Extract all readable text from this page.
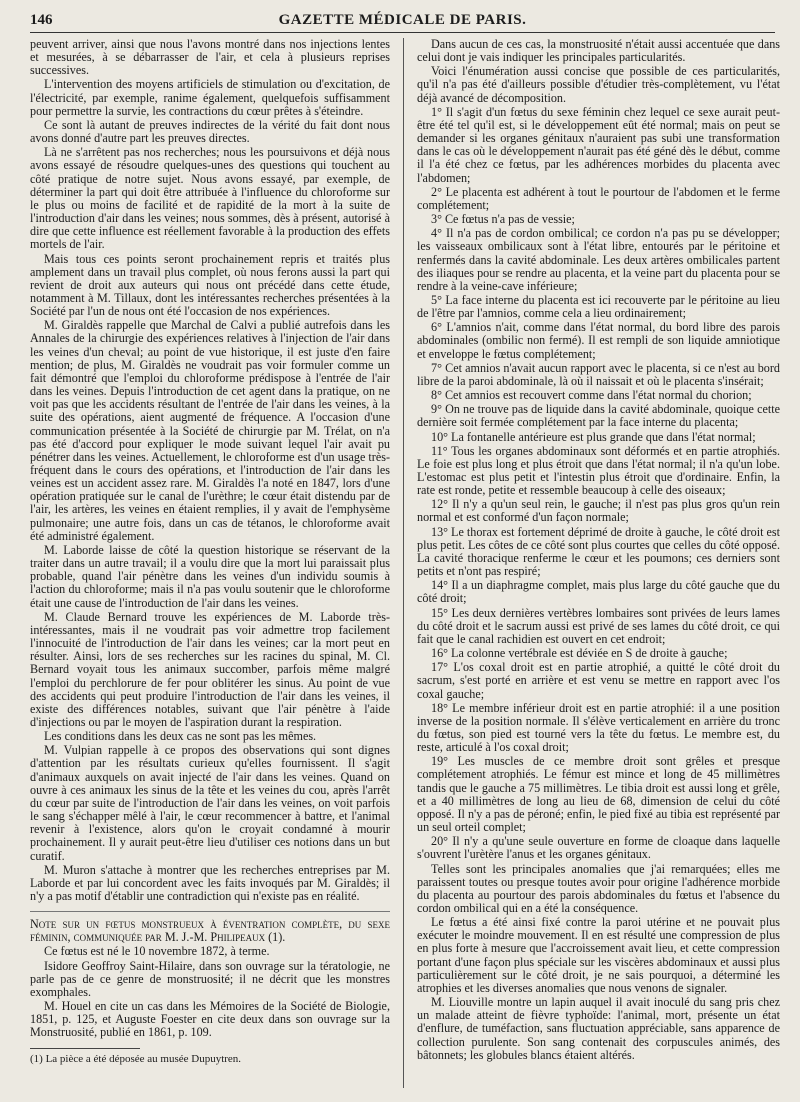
146	GAZETTE MÉDICALE DE PARIS.

peuvent arriver, ainsi que nous l'avons montré dans nos injections lentes et mesurées, à se débarrasser de l'air, et cela à plusieurs reprises successives.

L'intervention des moyens artificiels de stimulation ou d'excitation, de l'électricité, par exemple, ranime également, quelquefois suffisamment pour permettre la survie, les contractions du cœur prêtes à s'éteindre.

Ce sont là autant de preuves indirectes de la vérité du fait dont nous avons donné d'autre part les preuves directes.

Là ne s'arrêtent pas nos recherches; nous les poursuivons et déjà nous avons essayé de résoudre quelques-unes des questions qui touchent au côté pratique de notre sujet. Nous avons essayé, par exemple, de déterminer la part qui doit être attribuée à l'influence du chloroforme sur le plus ou moins de facilité et de rapidité de la mort à la suite de l'introduction d'air dans les veines; nous sommes, dès à présent, autorisé à dire que cette influence est réellement favorable à la production des effets mortels de l'air.

Mais tous ces points seront prochainement repris et traités plus amplement dans un travail plus complet, où nous ferons aussi la part qui revient de droit aux auteurs qui nous ont précédé dans cette étude, notamment à M. Tillaux, dont les intéressantes recherches présentées à la Société par l'un de nous ont été l'occasion de nos expériences.

M. Giraldès rappelle que Marchal de Calvi a publié autrefois dans les Annales de la chirurgie des expériences relatives à l'injection de l'air dans les veines d'un cheval; au point de vue historique, il est juste d'en faire mention; de plus, M. Giraldès ne voudrait pas voir formuler comme un fait démontré que l'emploi du chloroforme prédispose à l'entrée de l'air dans les veines. Depuis l'introduction de cet agent dans la pratique, on ne voit pas que les accidents résultant de l'entrée de l'air dans les veines, à la suite des opérations, aient augmenté de fréquence. A l'occasion d'une communication présentée à la Société de chirurgie par M. Trélat, on n'a pas été d'accord pour expliquer le mode suivant lequel l'air avait pu pénétrer dans les veines. Actuellement, le chloroforme est d'un usage très-fréquent dans le cours des opérations, et l'introduction de l'air dans les veines est un accident assez rare. M. Giraldès l'a noté en 1847, lors d'une opération pratiquée sur le canal de l'urèthre; le cœur était distendu par de l'air, les artères, les veines en étaient remplies, il y avait de l'emphysème pulmonaire; une autre fois, dans un cas de tétanos, le chloroforme avait été administré également.

M. Laborde laisse de côté la question historique se réservant de la traiter dans un autre travail; il a voulu dire que la mort lui paraissait plus probable, quand l'air pénètre dans les veines d'un individu soumis à l'action du chloroforme; mais il n'a pas voulu soutenir que le chloroforme était une cause de l'introduction de l'air dans les veines.

M. Claude Bernard trouve les expériences de M. Laborde très-intéressantes, mais il ne voudrait pas voir admettre trop facilement l'innocuité de l'introduction de l'air dans les veines; car la mort peut en résulter. Ainsi, lors de ses recherches sur les racines du spinal, M. Cl. Bernard voyait tous les animaux succomber, parfois même malgré l'emploi du perchlorure de fer pour oblitérer les sinus. Au point de vue des accidents qui peut produire l'introduction de l'air dans les veines, il existe des différences notables, suivant que l'air pénètre à l'aide d'injections ou par le moyen de l'aspiration durant la respiration.

Les conditions dans les deux cas ne sont pas les mêmes.

M. Vulpian rappelle à ce propos des observations qui sont dignes d'attention par les résultats curieux qu'elles fournissent. Il s'agit d'animaux auxquels on avait injecté de l'air dans les veines. Quand on ouvre à ces animaux les sinus de la tête et les veines du cou, après l'arrêt du cœur par suite de l'introduction de l'air dans les veines, on voit parfois le sang s'échapper mêlé à l'air, le cœur recommencer à battre, et l'animal revenir à l'existence, alors qu'on le croyait condamné à mourir prochainement. Il y aurait peut-être lieu d'utiliser ces notions dans un but curatif.

M. Muron s'attache à montrer que les recherches entreprises par M. Laborde et par lui concordent avec les faits invoqués par M. Giraldès; il n'y a pas motif d'établir une contradiction qui n'existe pas en réalité.

Note sur un fœtus monstrueux à éventration complète, du sexe féminin, communiquée par M. J.-M. Philipeaux (1).

Ce fœtus est né le 10 novembre 1872, à terme.

Isidore Geoffroy Saint-Hilaire, dans son ouvrage sur la tératologie, ne parle pas de ce genre de monstruosité; il ne décrit que les monstres exomphales.

M. Houel en cite un cas dans les Mémoires de la Société de Biologie, 1851, p. 125, et Auguste Foester en cite deux dans son ouvrage sur la Monstruosité, publié en 1861, p. 109.

(1) La pièce a été déposée au musée Dupuytren.

Dans aucun de ces cas, la monstruosité n'était aussi accentuée que dans celui dont je vais indiquer les principales particularités.

Voici l'énumération aussi concise que possible de ces particularités, qu'il n'a pas été d'ailleurs possible d'étudier très-complètement, vu l'état déjà avancé de décomposition.

1° Il s'agit d'un fœtus du sexe féminin chez lequel ce sexe aurait peut-être été tel qu'il est, si le développement eût été normal; mais on peut se demander si les organes génitaux n'auraient pas subi une transformation dans le cas où le développement n'aurait pas été géné dès le début, comme il l'a été chez ce fœtus, par les adhérences morbides du placenta avec l'abdomen;

2° Le placenta est adhérent à tout le pourtour de l'abdomen et le ferme complétement;

3° Ce fœtus n'a pas de vessie;

4° Il n'a pas de cordon ombilical; ce cordon n'a pas pu se développer; les vaisseaux ombilicaux sont à l'état libre, entourés par le péritoine et renfermés dans la cavité abdominale. Les deux artères ombilicales partent des iliaques pour se rendre au placenta, et la veine part du placenta pour se rendre à la veine-cave inférieure;

5° La face interne du placenta est ici recouverte par le péritoine au lieu de l'être par l'amnios, comme cela a lieu ordinairement;

6° L'amnios n'ait, comme dans l'état normal, du bord libre des parois abdominales (ombilic non fermé). Il est rempli de son liquide amniotique et enveloppe le fœtus complétement;

7° Cet amnios n'avait aucun rapport avec le placenta, si ce n'est au bord libre de la paroi abdominale, là où il naissait et où le placenta s'insérait;

8° Cet amnios est recouvert comme dans l'état normal du chorion;

9° On ne trouve pas de liquide dans la cavité abdominale, quoique cette dernière soit fermée complétement par la face interne du placenta;

10° La fontanelle antérieure est plus grande que dans l'état normal;

11° Tous les organes abdominaux sont déformés et en partie atrophiés. Le foie est plus long et plus étroit que dans l'état normal; il n'a qu'un lobe. L'estomac est plus petit et l'intestin plus étroit que d'ordinaire. Enfin, la rate est ronde, petite et ressemble beaucoup à celle des oiseaux;

12° Il n'y a qu'un seul rein, le gauche; il n'est pas plus gros qu'un rein normal et est conformé d'un façon normale;

13° Le thorax est fortement déprimé de droite à gauche, le côté droit est plus petit. Les côtes de ce côté sont plus courtes que celles du côté opposé. La cavité thoracique renferme le cœur et les poumons; ces derniers sont petits et n'ont pas respiré;

14° Il a un diaphragme complet, mais plus large du côté gauche que du côté droit;

15° Les deux dernières vertèbres lombaires sont privées de leurs lames du côté droit et le sacrum aussi est privé de ses lames du côté droit, ce qui fait que le canal rachidien est ouvert en cet endroit;

16° La colonne vertébrale est déviée en S de droite à gauche;

17° L'os coxal droit est en partie atrophié, a quitté le côté droit du sacrum, s'est porté en arrière et est venu se mettre en rapport avec l'os coxal gauche;

18° Le membre inférieur droit est en partie atrophié: il a une position inverse de la position normale. Il s'élève verticalement en arrière du tronc du fœtus, son pied est tourné vers la tête du fœtus. Le membre est, du reste, articulé à l'os coxal droit;

19° Les muscles de ce membre droit sont grêles et presque complétement atrophiés. Le fémur est mince et long de 45 millimètres tandis que le gauche a 75 millimètres. Le tibia droit est aussi long et grêle, et a 40 millimètres de long au lieu de 68, dimension de celui du côté opposé. Il n'y a pas de péroné; enfin, le pied fixé au tibia est représenté par un seul orteil complet;

20° Il n'y a qu'une seule ouverture en forme de cloaque dans laquelle s'ouvrent l'urètère l'anus et les organes génitaux.

Telles sont les principales anomalies que j'ai remarquées; elles me paraissent toutes ou presque toutes avoir pour origine l'adhérence morbide du placenta au pourtour des parois abdominales du fœtus et l'absence du cordon ombilical qui en a été la conséquence.

Le fœtus a été ainsi fixé contre la paroi utérine et ne pouvait plus exécuter le moindre mouvement. Il en est résulté une compression de plus en plus forte à mesure que l'accroissement avait lieu, et cette compression portant d'une façon plus spéciale sur les viscères abdominaux et aussi plus particulièrement sur le côté droit, je ne sais pourquoi, a déterminé les atrophies et les diverses anomalies que nous venons de signaler.

M. Liouville montre un lapin auquel il avait inoculé du sang pris chez un malade atteint de fièvre typhoïde: l'animal, mort, présente un état d'enflure, de tuméfaction, sans fluctuation appréciable, sans apparence de collection purulente. Son sang contenait des corpuscules animés, des bâtonnets; les globules blancs étaient altérés.
